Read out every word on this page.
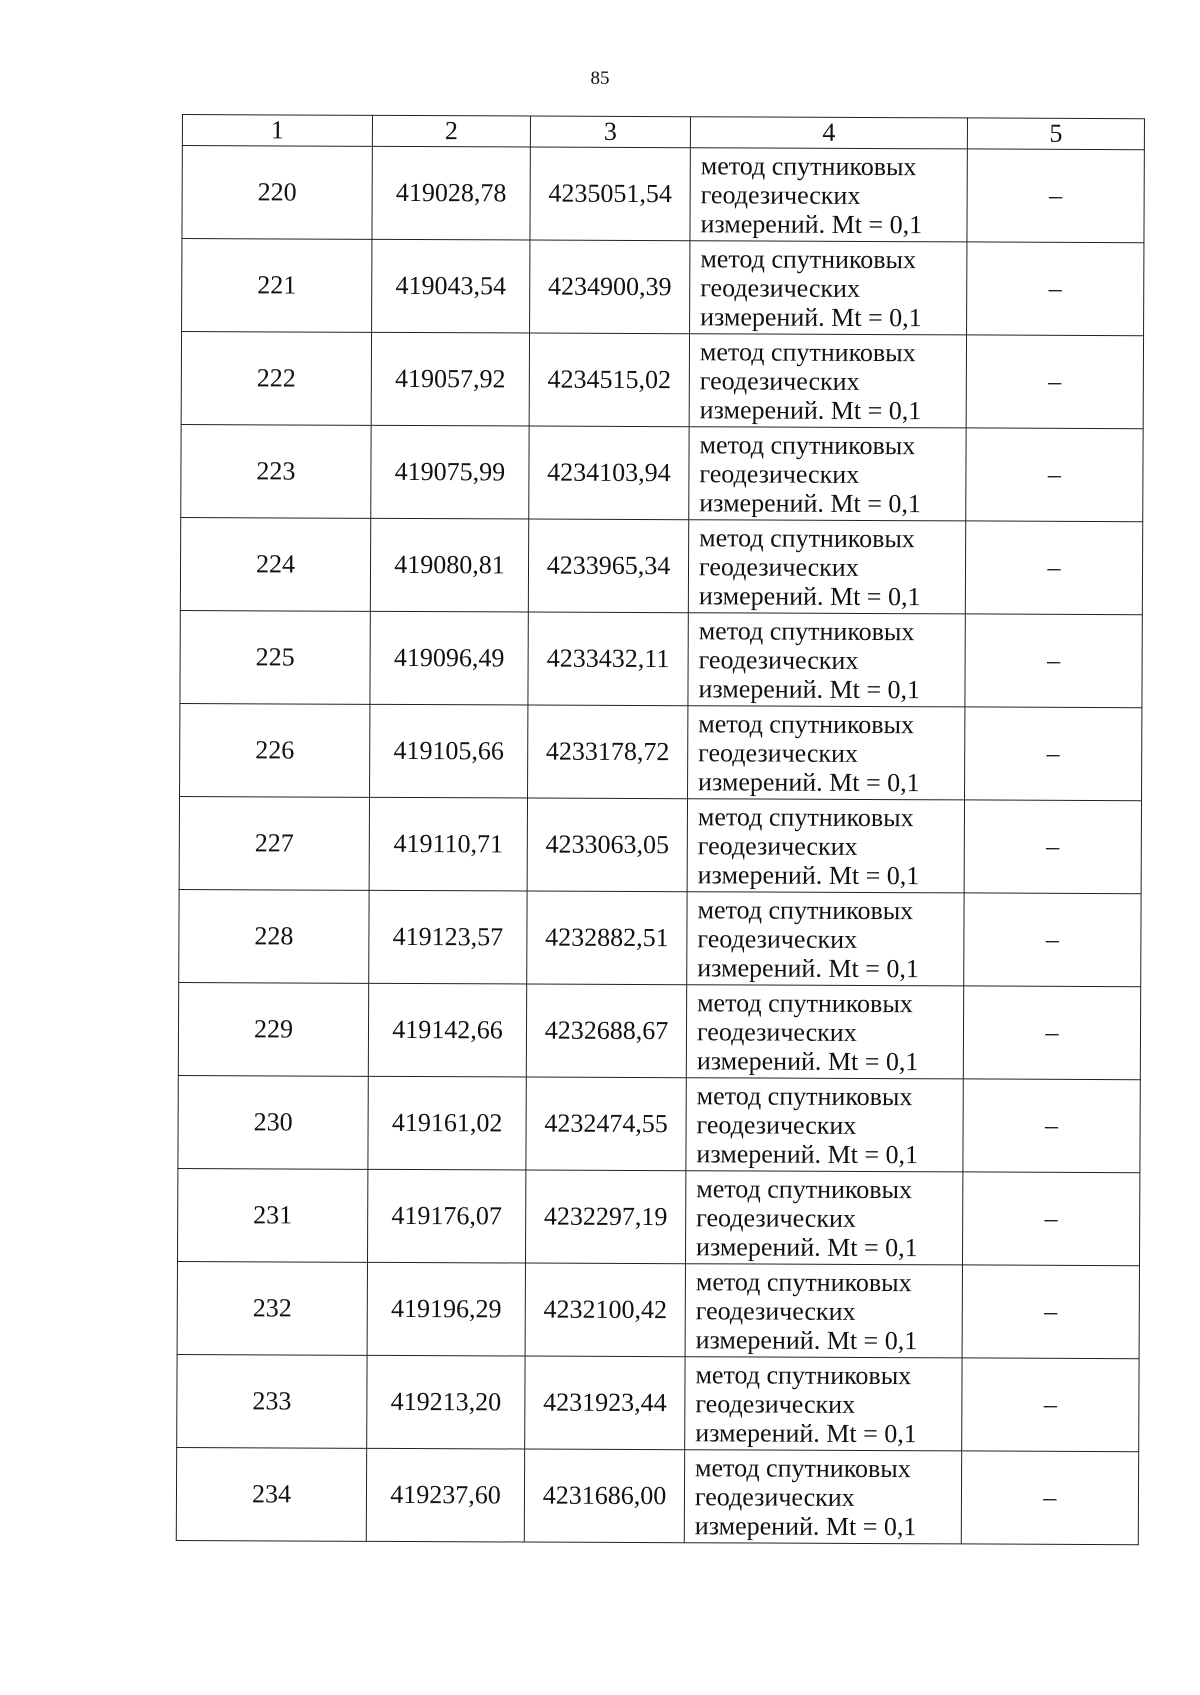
85
1	2	3	4	5
220	419028,78	4235051,54	метод спутниковых
геодезических
измерений. Mt = 0,1	–
221	419043,54	4234900,39	метод спутниковых
геодезических
измерений. Mt = 0,1	–
222	419057,92	4234515,02	метод спутниковых
геодезических
измерений. Mt = 0,1	–
223	419075,99	4234103,94	метод спутниковых
геодезических
измерений. Mt = 0,1	–
224	419080,81	4233965,34	метод спутниковых
геодезических
измерений. Mt = 0,1	–
225	419096,49	4233432,11	метод спутниковых
геодезических
измерений. Mt = 0,1	–
226	419105,66	4233178,72	метод спутниковых
геодезических
измерений. Mt = 0,1	–
227	419110,71	4233063,05	метод спутниковых
геодезических
измерений. Mt = 0,1	–
228	419123,57	4232882,51	метод спутниковых
геодезических
измерений. Mt = 0,1	–
229	419142,66	4232688,67	метод спутниковых
геодезических
измерений. Mt = 0,1	–
230	419161,02	4232474,55	метод спутниковых
геодезических
измерений. Mt = 0,1	–
231	419176,07	4232297,19	метод спутниковых
геодезических
измерений. Mt = 0,1	–
232	419196,29	4232100,42	метод спутниковых
геодезических
измерений. Mt = 0,1	–
233	419213,20	4231923,44	метод спутниковых
геодезических
измерений. Mt = 0,1	–
234	419237,60	4231686,00	метод спутниковых
геодезических
измерений. Mt = 0,1	–
